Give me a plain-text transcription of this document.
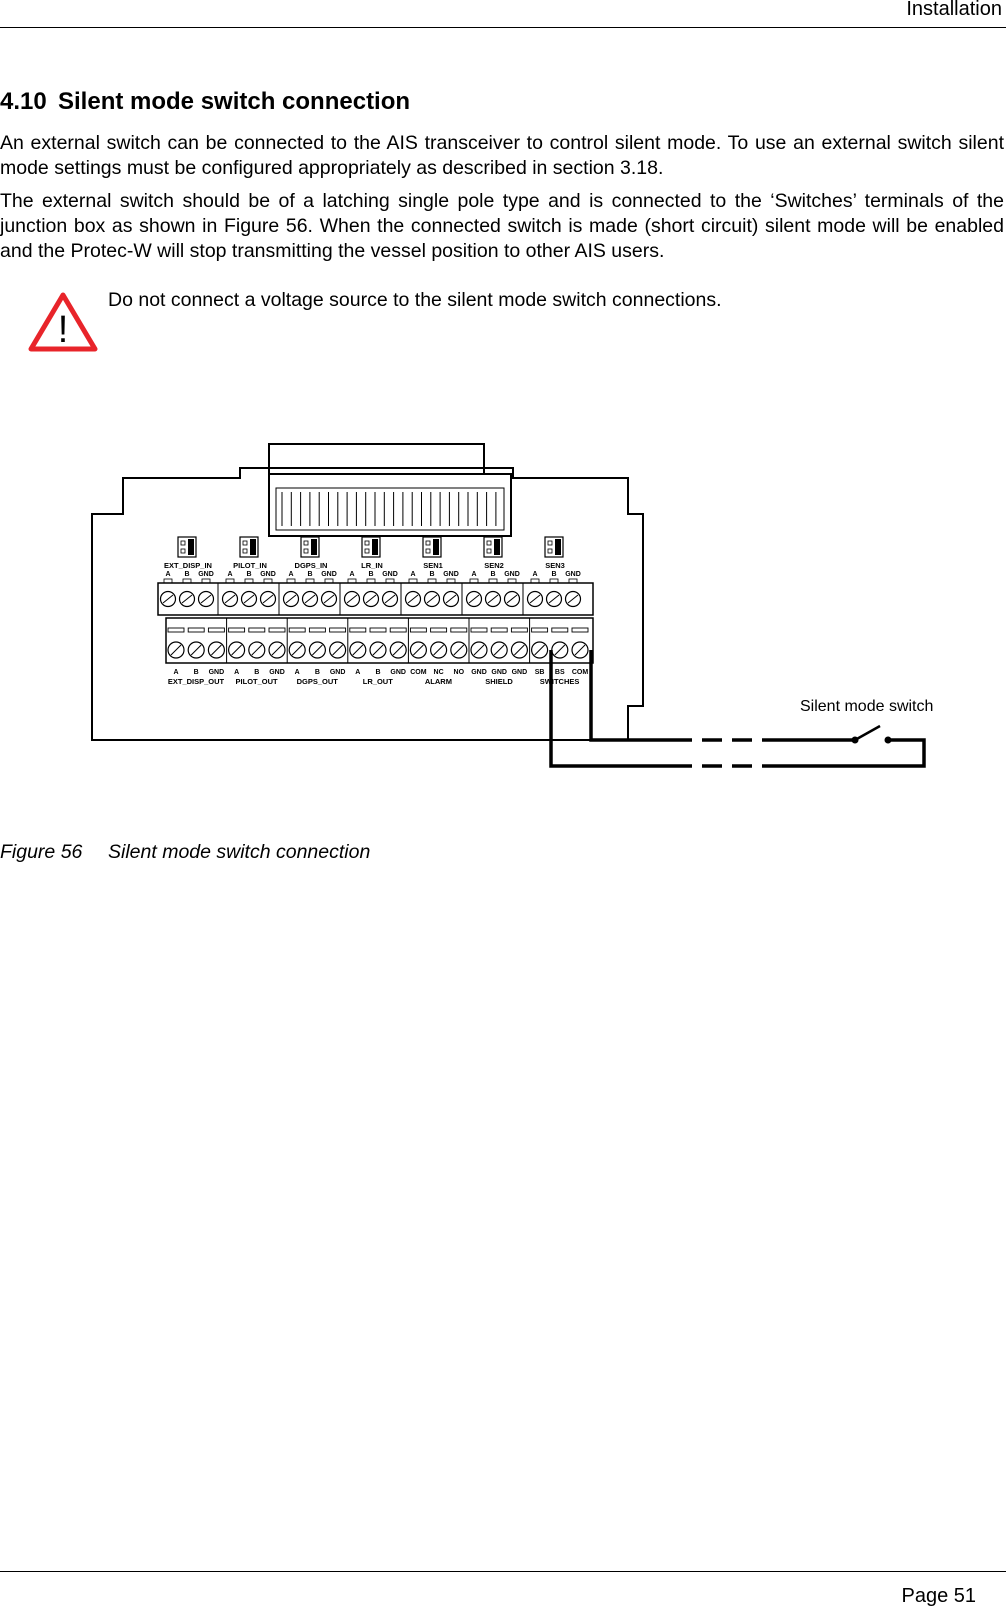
Installation
4.10 Silent mode switch connection
An external switch can be connected to the AIS transceiver to control silent mode. To use an external switch silent mode settings must be configured appropriately as described in section 3.18.
The external switch should be of a latching single pole type and is connected to the ‘Switches’ terminals of the junction box as shown in Figure 56. When the connected switch is made (short circuit) silent mode will be enabled and the Protec-W will stop transmitting the vessel position to other AIS users.
!
Do not connect a voltage source to the silent mode switch connections.
EXT_DISP_IN	PILOT_IN	DGPS_IN	LR_IN	SEN1	SEN2	SEN3
A B GND A B GND A B GND A B GND A B GND A B GND A B GND
A B GND A B GND A B GND A B GND COM NC NO GND GND GND SB BS COM
EXT_DISP_OUT PILOT_OUT	DGPS_OUT	LR_OUT	ALARM	SHIELD	SWITCHES
Silent mode switch
Figure 56 Silent mode switch connection
Page 51
